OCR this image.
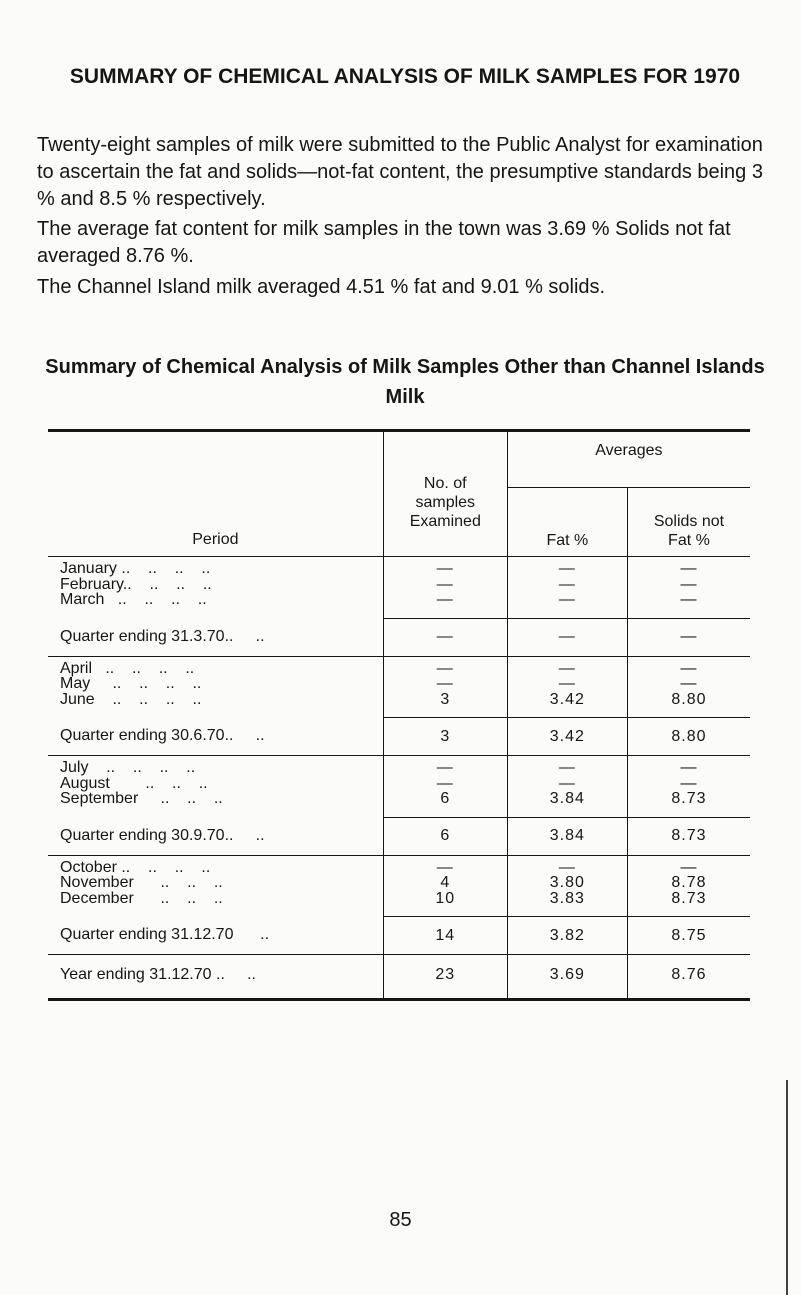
SUMMARY OF CHEMICAL ANALYSIS OF MILK SAMPLES FOR 1970

Twenty-eight samples of milk were submitted to the Public Analyst for examination to ascertain the fat and solids—not-fat content, the presumptive standards being 3 % and 8.5 % respectively.

The average fat content for milk samples in the town was 3.69 % Solids not fat averaged 8.76 %.

The Channel Island milk averaged 4.51 % fat and 9.01 % solids.

Summary of Chemical Analysis of Milk Samples Other than Channel Islands Milk
Period	No. of samples Examined	Averages	
		Fat %	Solids not Fat %

January ..    ..    ..    ..	—	—	—
February..    ..    ..    ..	—	—	—
March   ..    ..    ..    ..	—	—	—

Quarter ending 31.3.70..     ..	—	—	—
April   ..    ..    ..    ..	—	—	—
May     ..    ..    ..    ..	—	—	—
June    ..    ..    ..    ..	3	3.42	8.80

Quarter ending 30.6.70..     ..	3	3.42	8.80
July    ..    ..    ..    ..	—	—	—
August        ..    ..    ..	—	—	—
September     ..    ..    ..	6	3.84	8.73

Quarter ending 30.9.70..     ..	6	3.84	8.73
October ..    ..    ..    ..	—	—	—
November      ..    ..    ..	4	3.80	8.78
December      ..    ..    ..	10	3.83	8.73

Quarter ending 31.12.70      ..	14	3.82	8.75
Year ending 31.12.70 ..     ..	23	3.69	8.76
85
